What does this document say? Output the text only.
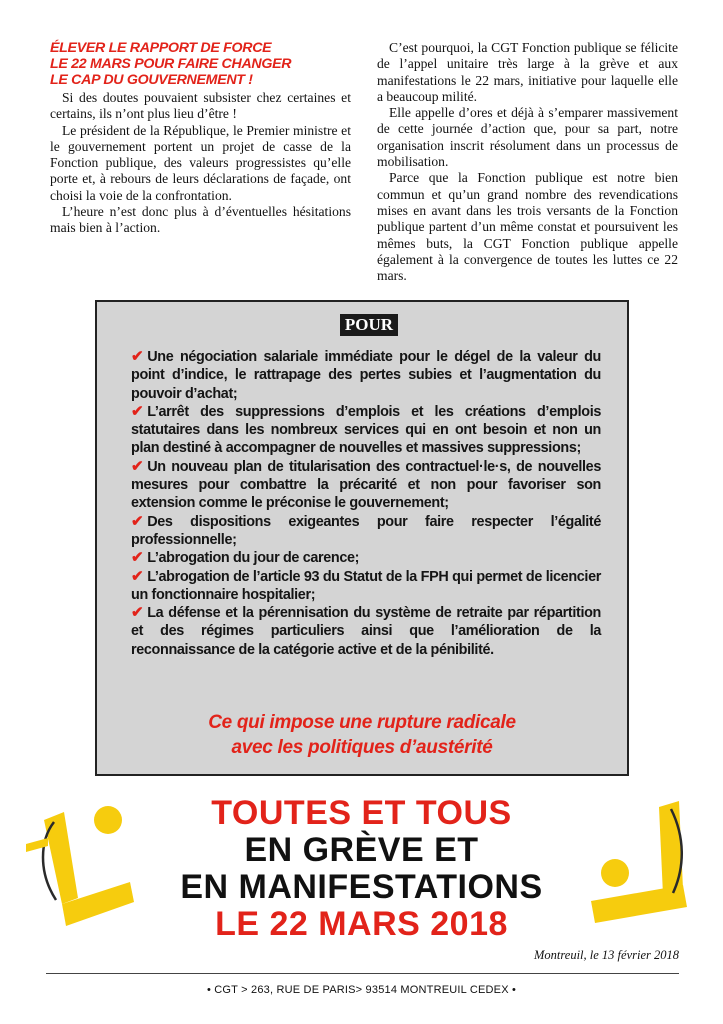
ÉLEVER LE RAPPORT DE FORCE
LE 22 MARS POUR FAIRE CHANGER
LE CAP DU GOUVERNEMENT !

Si des doutes pouvaient subsister chez certaines et certains, ils n’ont plus lieu d’être !

Le président de la République, le Premier ministre et le gouvernement portent un projet de casse de la Fonction publique, des valeurs progressistes qu’elle porte et, à rebours de leurs déclarations de façade, ont choisi la voie de la confrontation.

L’heure n’est donc plus à d’éventuelles hésitations mais bien à l’action.

C’est pourquoi, la CGT Fonction publique se félicite de l’appel unitaire très large à la grève et aux manifestations le 22 mars, initiative pour laquelle elle a beaucoup milité.

Elle appelle d’ores et déjà à s’emparer massivement de cette journée d’action que, pour sa part, notre organisation inscrit résolument dans un processus de mobilisation.

Parce que la Fonction publique est notre bien commun et qu’un grand nombre des revendications mises en avant dans les trois versants de la Fonction publique partent d’un même constat et poursuivent les mêmes buts, la CGT Fonction publique appelle également à la convergence de toutes les luttes ce 22 mars.

POUR

✔ Une négociation salariale immédiate pour le dégel de la valeur du point d’indice, le rattrapage des pertes subies et l’augmentation du pouvoir d’achat;

✔ L’arrêt des suppressions d’emplois et les créations d’emplois statutaires dans les nombreux services qui en ont besoin et non un plan destiné à accompagner de nouvelles et massives suppressions;

✔ Un nouveau plan de titularisation des contractuel·le·s, de nouvelles mesures pour combattre la précarité et non pour favoriser son extension comme le préconise le gouvernement;

✔ Des dispositions exigeantes pour faire respecter l’égalité professionnelle;

✔ L’abrogation du jour de carence;

✔ L’abrogation de l’article 93 du Statut de la FPH qui permet de licencier un fonctionnaire hospitalier;

✔ La défense et la pérennisation du système de retraite par répartition et des régimes particuliers ainsi que l’amélioration de la reconnaissance de la catégorie active et de la pénibilité.

Ce qui impose une rupture radicale
avec les politiques d’austérité
TOUTES ET TOUS
EN GRÈVE ET
EN MANIFESTATIONS
LE 22 MARS 2018
Montreuil, le 13 février 2018
• CGT > 263, RUE DE PARIS> 93514 MONTREUIL CEDEX •
